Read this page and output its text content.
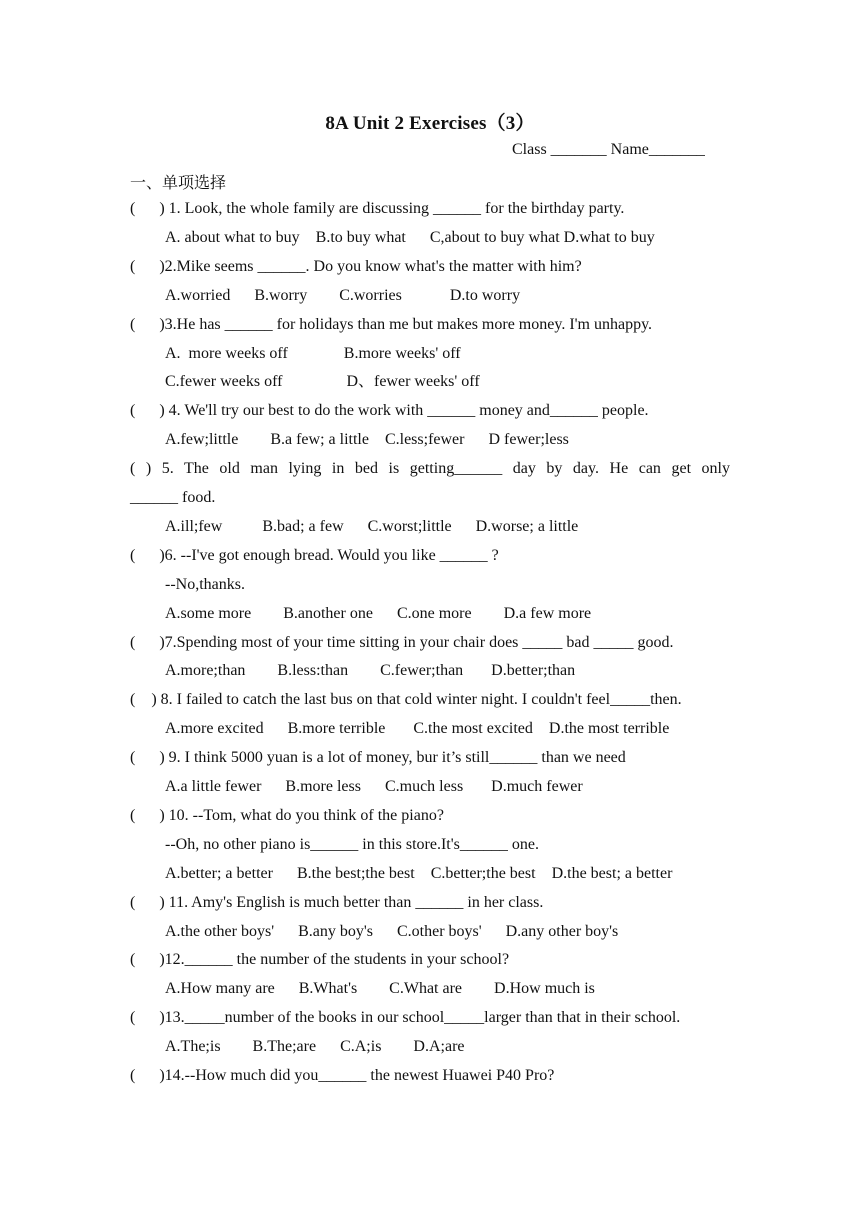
8A Unit 2 Exercises（3）
Class _______ Name_______
一、单项选择
(      ) 1. Look, the whole family are discussing ______ for the birthday party.
A. about what to buy    B.to buy what      C,about to buy what D.what to buy
(      )2.Mike seems ______. Do you know what's the matter with him?
A.worried      B.worry        C.worries            D.to worry
(      )3.He has ______ for holidays than me but makes more money. I'm unhappy.
A.  more weeks off              B.more weeks' off
C.fewer weeks off                D、fewer weeks' off
(      ) 4. We'll try our best to do the work with ______ money and______ people.
A.few;little        B.a few; a little    C.less;fewer      D fewer;less
( ) 5. The old man lying in bed is getting______ day by day. He can get only
______ food.
A.ill;few          B.bad; a few      C.worst;little      D.worse; a little
(      )6. --I've got enough bread. Would you like ______ ?
--No,thanks.
A.some more        B.another one      C.one more        D.a few more
(      )7.Spending most of your time sitting in your chair does _____ bad _____ good.
A.more;than        B.less:than        C.fewer;than       D.better;than
(    ) 8. I failed to catch the last bus on that cold winter night. I couldn't feel_____then.
A.more excited      B.more terrible       C.the most excited    D.the most terrible
(      ) 9. I think 5000 yuan is a lot of money, bur it’s still______ than we need
A.a little fewer      B.more less      C.much less       D.much fewer
(      ) 10. --Tom, what do you think of the piano?
--Oh, no other piano is______ in this store.It's______ one.
A.better; a better      B.the best;the best    C.better;the best    D.the best; a better
(      ) 11. Amy's English is much better than ______ in her class.
A.the other boys'      B.any boy's      C.other boys'      D.any other boy's
(      )12.______ the number of the students in your school?
A.How many are      B.What's        C.What are        D.How much is
(      )13._____number of the books in our school_____larger than that in their school.
A.The;is        B.The;are      C.A;is        D.A;are
(      )14.--How much did you______ the newest Huawei P40 Pro?
